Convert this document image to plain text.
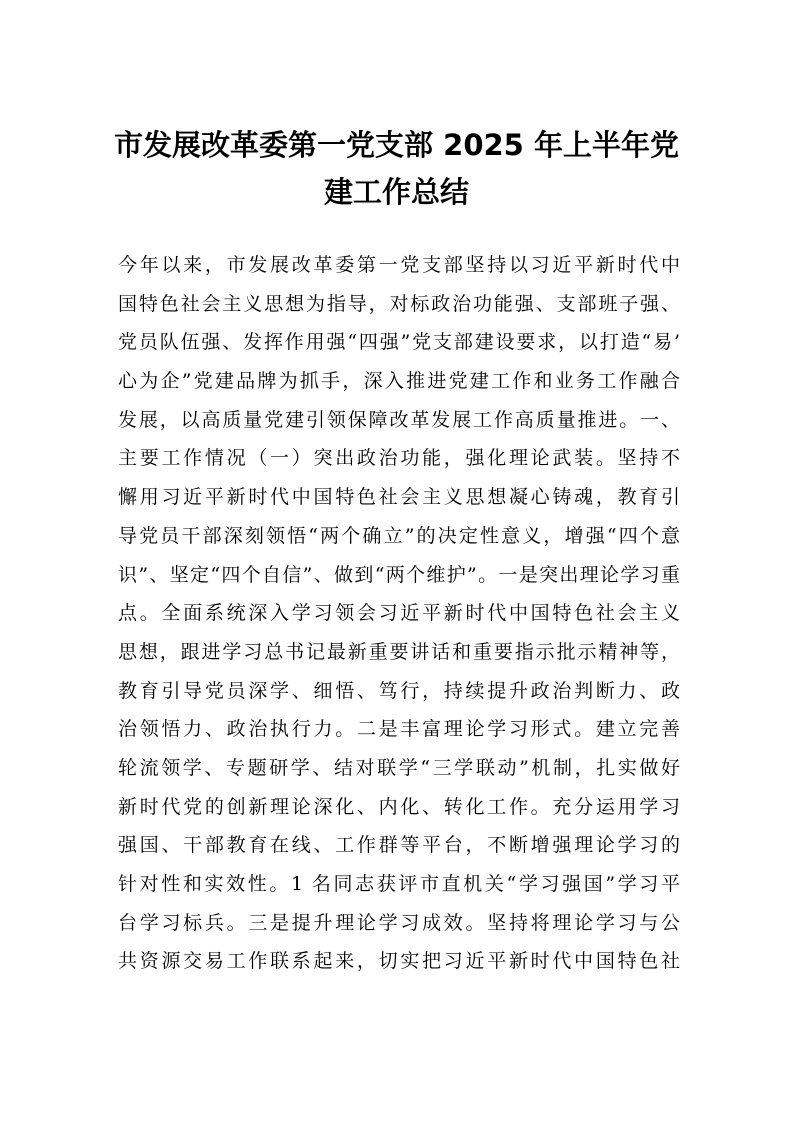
市发展改革委第一党支部 2025 年上半年党
建工作总结
今年以来，市发展改革委第一党支部坚持以习近平新时代中
国特色社会主义思想为指导，对标政治功能强、支部班子强、
党员队伍强、发挥作用强“四强”党支部建设要求，以打造“易’
心为企”党建品牌为抓手，深入推进党建工作和业务工作融合
发展，以高质量党建引领保障改革发展工作高质量推进。一、
主要工作情况（一）突出政治功能，强化理论武装。坚持不
懈用习近平新时代中国特色社会主义思想凝心铸魂，教育引
导党员干部深刻领悟“两个确立”的决定性意义，增强“四个意
识”、坚定“四个自信”、做到“两个维护”。一是突出理论学习重
点。全面系统深入学习领会习近平新时代中国特色社会主义
思想，跟进学习总书记最新重要讲话和重要指示批示精神等，
教育引导党员深学、细悟、笃行，持续提升政治判断力、政
治领悟力、政治执行力。二是丰富理论学习形式。建立完善
轮流领学、专题研学、结对联学“三学联动”机制，扎实做好
新时代党的创新理论深化、内化、转化工作。充分运用学习
强国、干部教育在线、工作群等平台，不断增强理论学习的
针对性和实效性。1 名同志获评市直机关“学习强国”学习平
台学习标兵。三是提升理论学习成效。坚持将理论学习与公
共资源交易工作联系起来，切实把习近平新时代中国特色社
